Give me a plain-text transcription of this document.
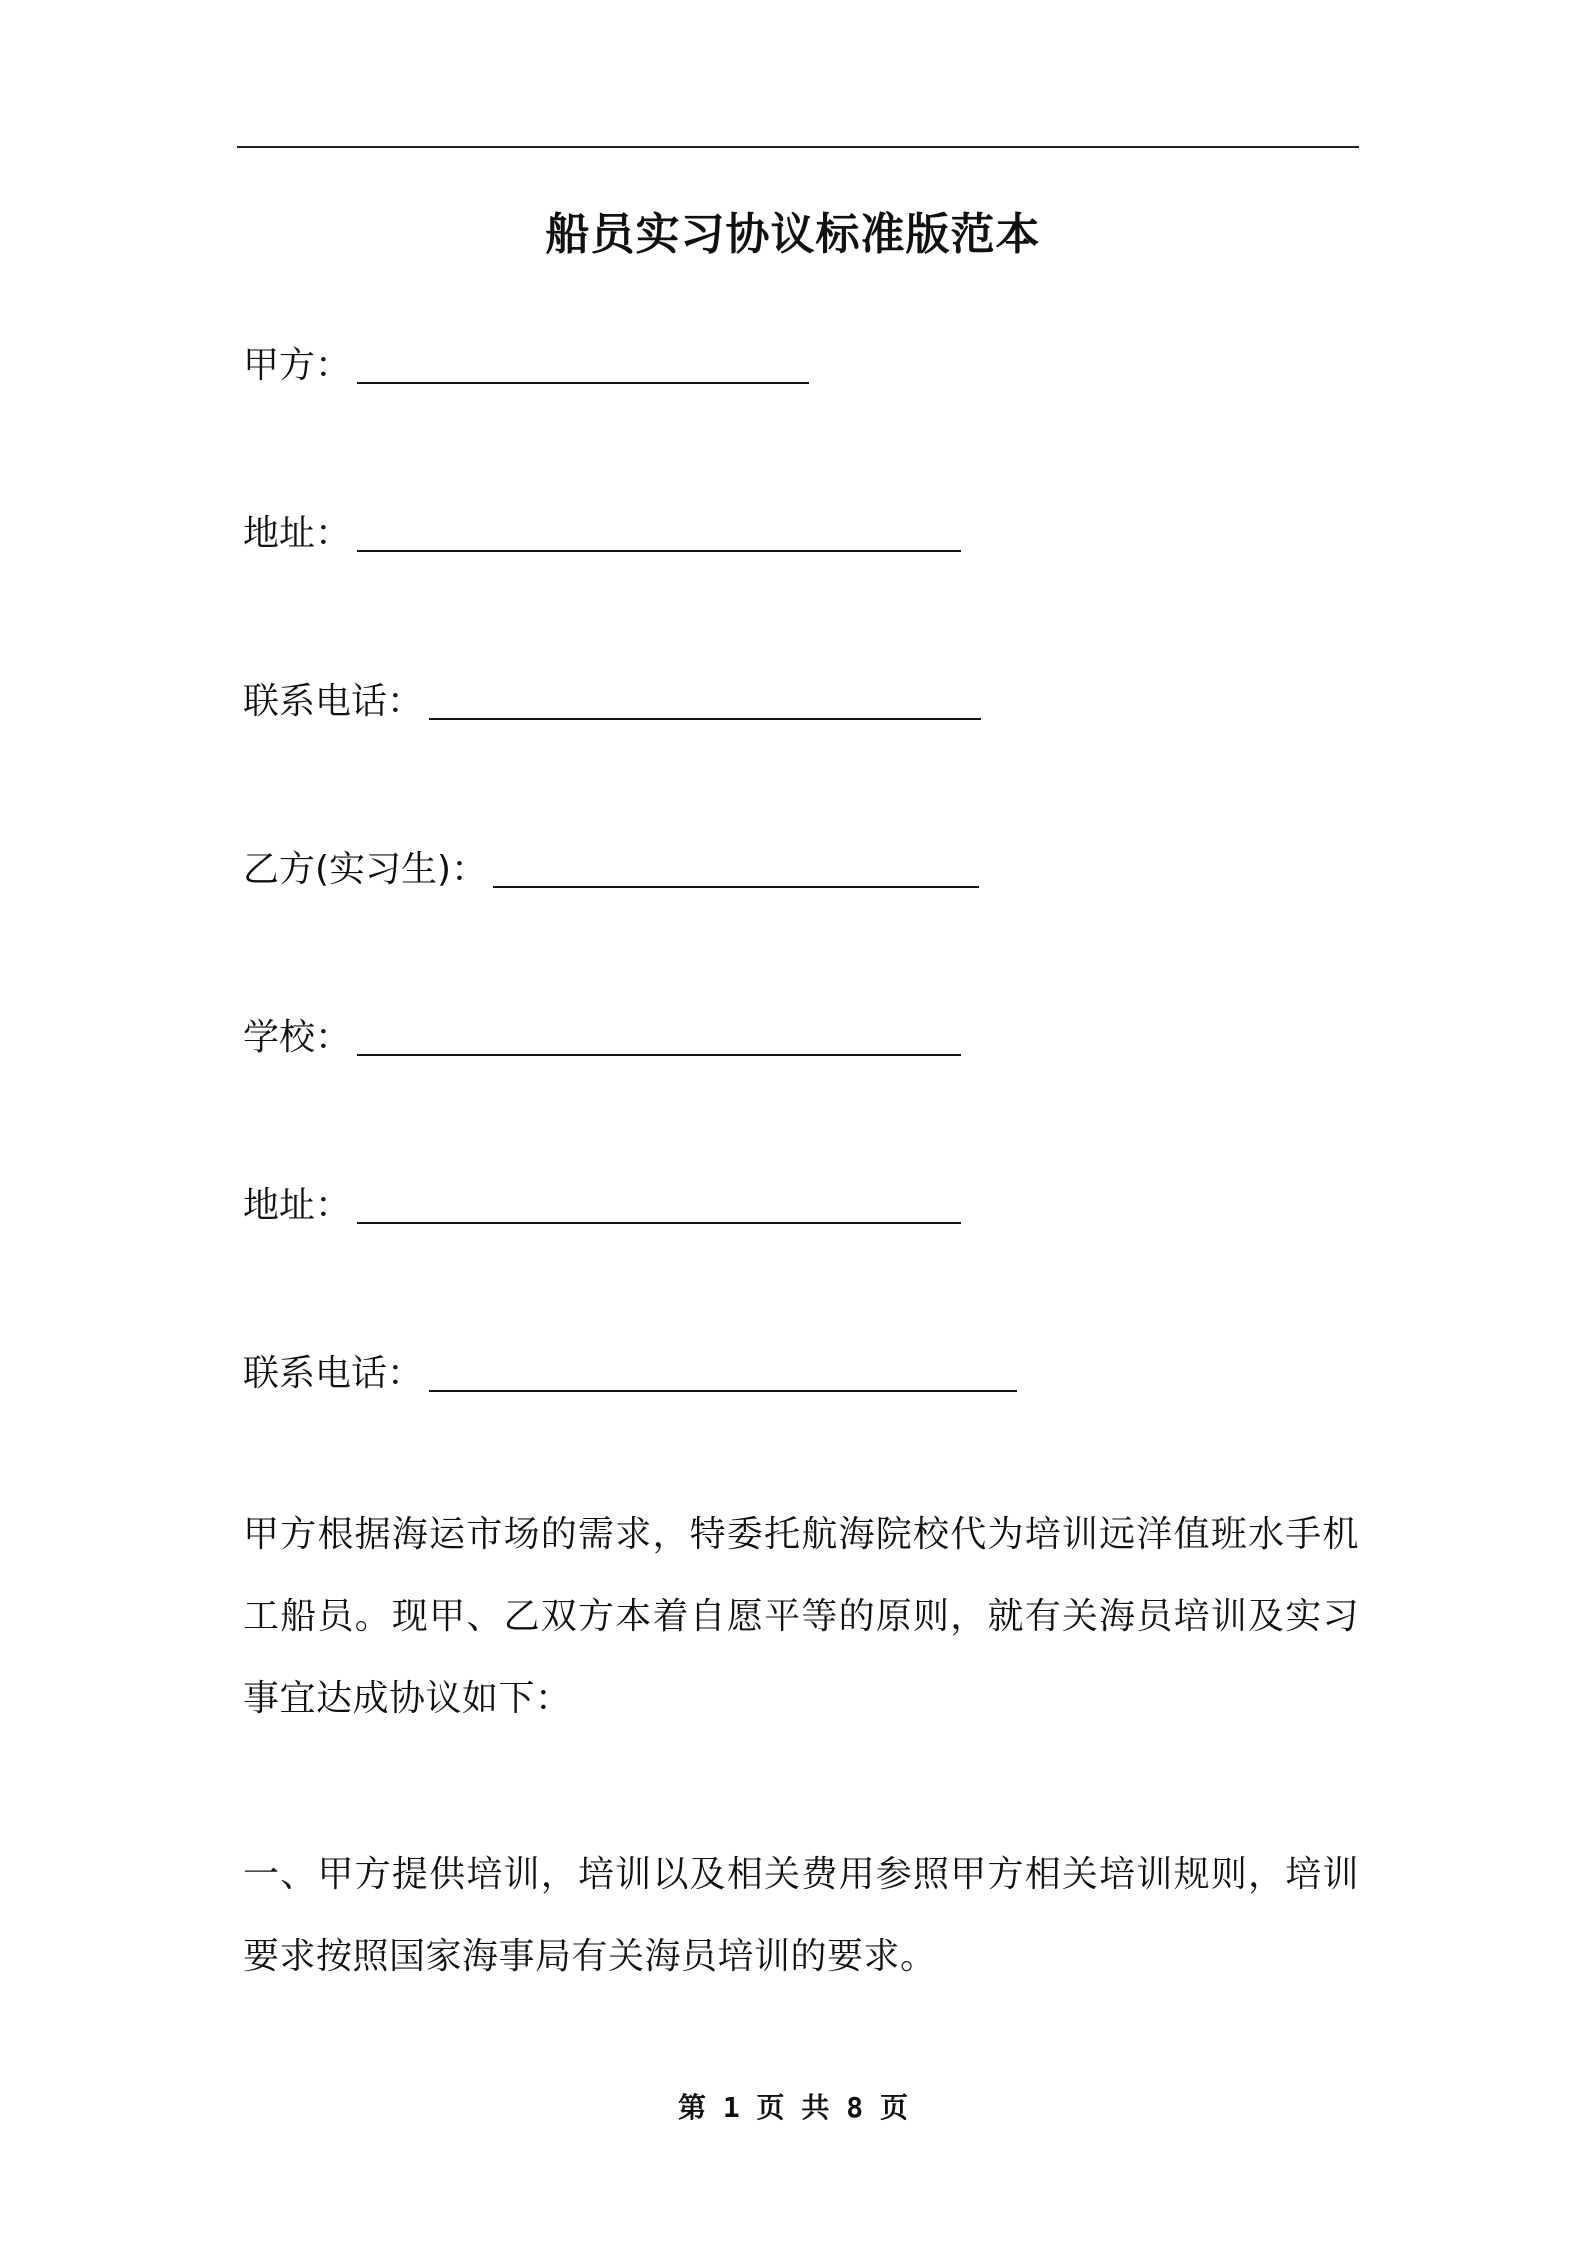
船员实习协议标准版范本
甲方：
地址：
联系电话：
乙方(实习生)：
学校：
地址：
联系电话：

甲方根据海运市场的需求，特委托航海院校代为培训远洋值班水手机工船员。现甲、乙双方本着自愿平等的原则，就有关海员培训及实习事宜达成协议如下：

一、甲方提供培训，培训以及相关费用参照甲方相关培训规则，培训要求按照国家海事局有关海员培训的要求。

第 1 页 共 8 页
